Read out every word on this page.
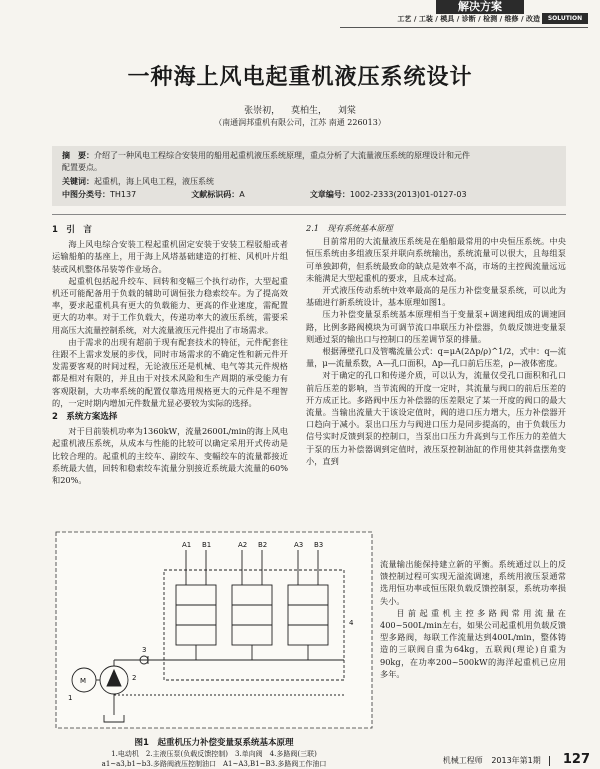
解决方案
工艺 / 工装 / 模具 / 诊断 / 检测 / 维修 / 改造	SOLUTION
一种海上风电起重机液压系统设计
张崇初， 莫柏生， 刘棠
（南通润邦重机有限公司，江苏 南通 226013）
摘　要：介绍了一种风电工程综合安装用的船用起重机液压系统原理，重点分析了大流量液压系统的原理设计和元件
配置要点。
关键词：起重机，海上风电工程，液压系统
中图分类号：TH137	文献标识码：A	文章编号：1002-2333(2013)01-0127-03

1　引　言

海上风电综合安装工程起重机固定安装于安装工程驳船或者运输船舶的基座上，用于海上风塔基础建造的打桩、风机叶片组装或风机整体吊装等作业场合。

起重机包括起升绞车、回转和变幅三个执行动作，大型起重机还可能配备用于负载的辅助可调恒张力稳索绞车。为了提高效率，要求起重机具有更大的负载能力、更高的作业速度，需配置更大的功率。对于工作负载大，传递功率大的液压系统，需要采用高压大流量控制系统，对大流量液压元件提出了市场需求。

由于需求的出现有超前于现有配套技术的特征，元件配套往往跟不上需求发展的步伐，同时市场需求的不确定性和新元件开发需要客观的时间过程，无论液压还是机械、电气等其元件规格都是相对有限的，并且由于对技术风险和生产周期的承受能力有客观限制，大功率系统的配置仅靠选用规格更大的元件是不理智的，一定时期内增加元件数量尤显必要较为实际的选择。

2　系统方案选择

对于目前装机功率为1360kW，流量2600L/min的海上风电起重机液压系统，从成本与性能的比较可以确定采用开式传动是比较合理的。起重机的主绞车、副绞车、变幅绞车的流量都接近系统最大值，回转和稳索绞车流量分别接近系统最大流量的60%和20%。

2.1　现有系统基本原理

目前常用的大流量液压系统是在船舶最常用的中央恒压系统。中央恒压系统由多组液压泵并联向系统输出，系统流量可以很大，且每组泵可单独卸荷，但系统最致命的缺点是效率不高，市场的主控阀流量远远未能满足大型起重机的要求，且成本过高。

开式液压传动系统中效率最高的是压力补偿变量泵系统，可以此为基础进行新系统设计，基本原理如图1。

压力补偿变量泵系统基本原理相当于变量泵+调速阀组成的调速回路，比例多路阀模块为可调节流口串联压力补偿器，负载反馈进变量泵则通过泵的输出口与控制口的压差调节泵的排量。

根据薄壁孔口及管嘴流量公式：q=μA(2Δp/ρ)^1/2，式中：q—流量，μ—流量系数，A—孔口面积，Δp—孔口前后压差，ρ—液体密度。

对于确定的孔口和传递介质，可以认为，流量仅受孔口面积和孔口前后压差的影响，当节流阀的开度一定时，其流量与阀口的前后压差的开方成正比。多路阀中压力补偿器的压差限定了某一开度的阀口的最大流量。当输出流量大于该设定值时，阀的进口压力增大，压力补偿器开口趋向于减小。泵出口压力与阀进口压力是同步提高的，由于负载压力信号实时反馈到泵的控制口，当泵出口压力升高到与工作压力的差值大于泵的压力补偿器调到定值时，液压泵控制油缸的作用使其斜盘摆角变小，直到

流量输出能保持建立新的平衡。系统通过以上的反馈控制过程可实现无溢流调速，系统用液压泵通常选用恒功率或恒压限负载反馈控制泵，系统功率损失小。

目前起重机主控多路阀常用流量在400~500L/min左右，如果公司起重机用负载反馈型多路阀，每联工作流量达到400L/min，整体铸造的三联阀自重为64kg，五联阀(理论)自重为90kg，在功率200~500kW的海洋起重机已应用多年。

A1 B1	A2 B2	A3 B3
4
3
2
1
M
图1　起重机压力补偿变量泵系统基本原理
1.电动机　2.主液压泵(负载反馈控制)　3.单向阀　4.多路阀(三联)
a1~a3,b1~b3.多路阀液压控制油口　A1~A3,B1~B3.多路阀工作油口	机械工程师 2013年第1期 127
